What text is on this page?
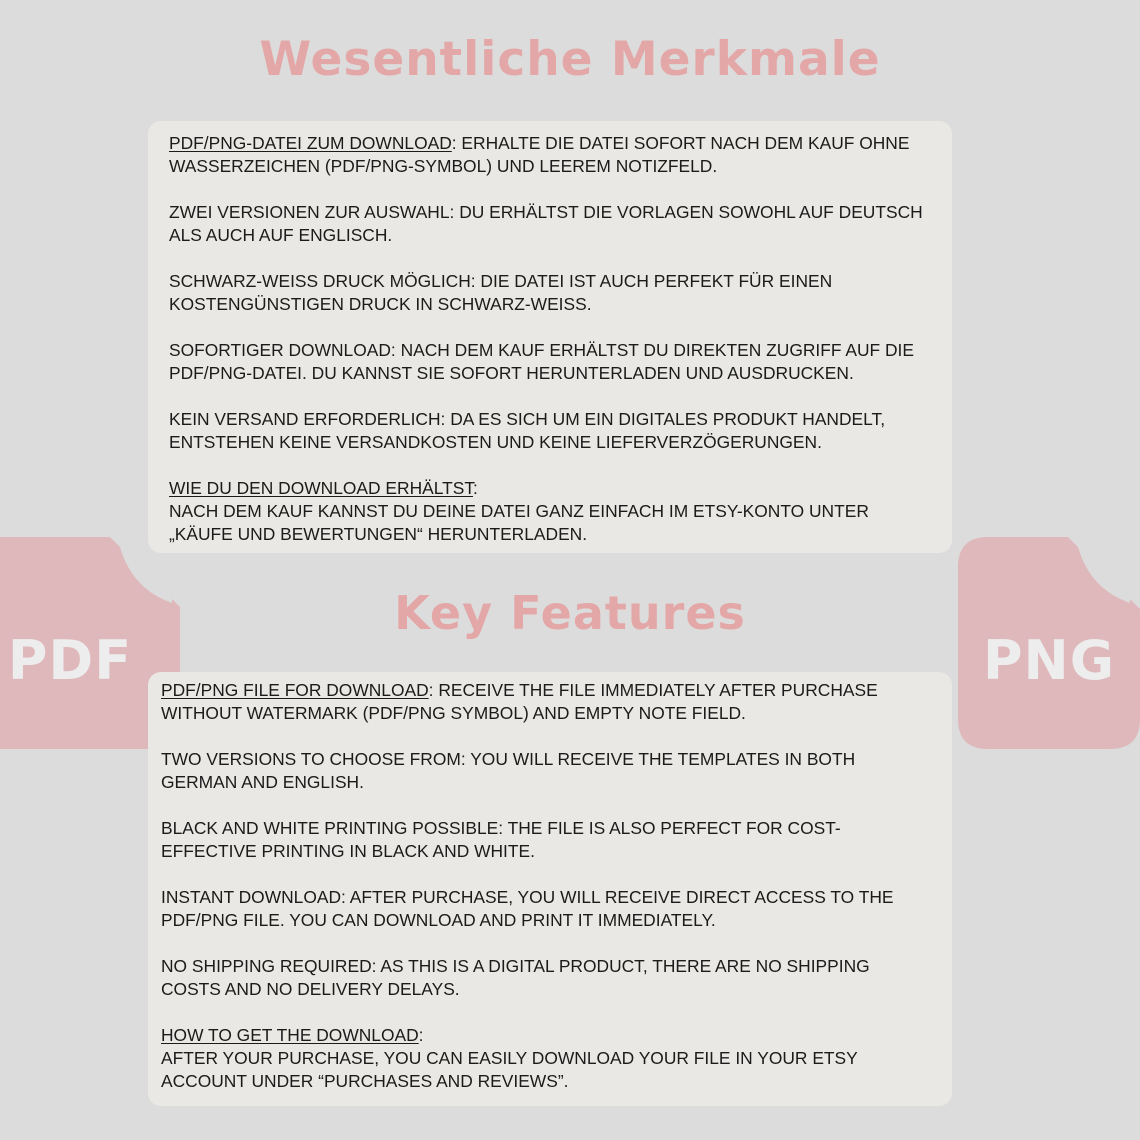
PDF	PNG
Wesentliche Merkmale

PDF/PNG-DATEI ZUM DOWNLOAD: ERHALTE DIE DATEI SOFORT NACH DEM KAUF OHNE WASSERZEICHEN (PDF/PNG-SYMBOL) UND LEEREM NOTIZFELD.

ZWEI VERSIONEN ZUR AUSWAHL: DU ERHÄLTST DIE VORLAGEN SOWOHL AUF DEUTSCH ALS AUCH AUF ENGLISCH.

SCHWARZ-WEISS DRUCK MÖGLICH: DIE DATEI IST AUCH PERFEKT FÜR EINEN KOSTENGÜNSTIGEN DRUCK IN SCHWARZ-WEISS.

SOFORTIGER DOWNLOAD: NACH DEM KAUF ERHÄLTST DU DIREKTEN ZUGRIFF AUF DIE PDF/PNG-DATEI. DU KANNST SIE SOFORT HERUNTERLADEN UND AUSDRUCKEN.

KEIN VERSAND ERFORDERLICH: DA ES SICH UM EIN DIGITALES PRODUKT HANDELT, ENTSTEHEN KEINE VERSANDKOSTEN UND KEINE LIEFERVERZÖGERUNGEN.

WIE DU DEN DOWNLOAD ERHÄLTST:
NACH DEM KAUF KANNST DU DEINE DATEI GANZ EINFACH IM ETSY-KONTO UNTER „KÄUFE UND BEWERTUNGEN“ HERUNTERLADEN.

Key Features

PDF/PNG FILE FOR DOWNLOAD: RECEIVE THE FILE IMMEDIATELY AFTER PURCHASE WITHOUT WATERMARK (PDF/PNG SYMBOL) AND EMPTY NOTE FIELD.

TWO VERSIONS TO CHOOSE FROM: YOU WILL RECEIVE THE TEMPLATES IN BOTH GERMAN AND ENGLISH.

BLACK AND WHITE PRINTING POSSIBLE: THE FILE IS ALSO PERFECT FOR COST-EFFECTIVE PRINTING IN BLACK AND WHITE.

INSTANT DOWNLOAD: AFTER PURCHASE, YOU WILL RECEIVE DIRECT ACCESS TO THE PDF/PNG FILE. YOU CAN DOWNLOAD AND PRINT IT IMMEDIATELY.

NO SHIPPING REQUIRED: AS THIS IS A DIGITAL PRODUCT, THERE ARE NO SHIPPING COSTS AND NO DELIVERY DELAYS.

HOW TO GET THE DOWNLOAD:
AFTER YOUR PURCHASE, YOU CAN EASILY DOWNLOAD YOUR FILE IN YOUR ETSY ACCOUNT UNDER “PURCHASES AND REVIEWS”.
